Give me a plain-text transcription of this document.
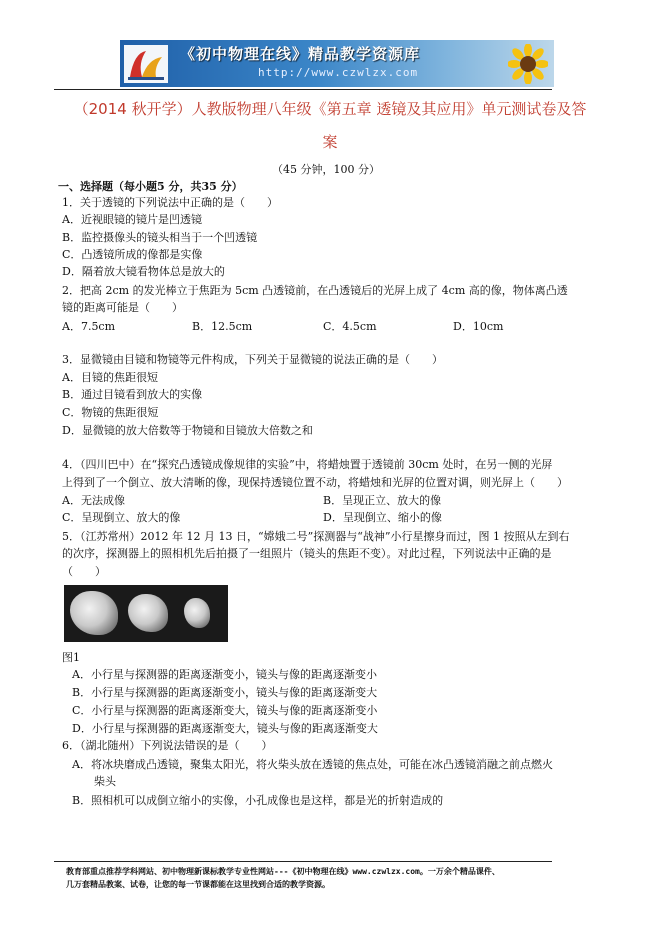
《初中物理在线》精品教学资源库
http://www.czwlzx.com
（2014 秋开学）人教版物理八年级《第五章 透镜及其应用》单元测试卷及答
案
（45 分钟，100 分）
一、选择题（每小题5 分，共35 分）
1．关于透镜的下列说法中正确的是（　　）
A．近视眼镜的镜片是凹透镜
B．监控摄像头的镜头相当于一个凹透镜
C．凸透镜所成的像都是实像
D．隔着放大镜看物体总是放大的
2．把高 2cm 的发光棒立于焦距为 5cm 凸透镜前，在凸透镜后的光屏上成了 4cm 高的像，物体离凸透
镜的距离可能是（　　）
A．7.5cm	B．12.5cm	C．4.5cm	D．10cm
3．显微镜由目镜和物镜等元件构成，下列关于显微镜的说法正确的是（　　）
A．目镜的焦距很短
B．通过目镜看到放大的实像
C．物镜的焦距很短
D．显微镜的放大倍数等于物镜和目镜放大倍数之和
4．（四川巴中）在“探究凸透镜成像规律的实验”中，将蜡烛置于透镜前 30cm 处时，在另一侧的光屏
上得到了一个倒立、放大清晰的像，现保持透镜位置不动，将蜡烛和光屏的位置对调，则光屏上（　　）
A．无法成像	B．呈现正立、放大的像
C．呈现倒立、放大的像	D．呈现倒立、缩小的像
5．（江苏常州）2012 年 12 月 13 日，“嫦娥二号”探测器与“战神”小行星擦身而过，图 1 按照从左到右
的次序，探测器上的照相机先后拍摄了一组照片（镜头的焦距不变）。对此过程，下列说法中正确的是
（　　）
图1
A．小行星与探测器的距离逐渐变小，镜头与像的距离逐渐变小
B．小行星与探测器的距离逐渐变小，镜头与像的距离逐渐变大
C．小行星与探测器的距离逐渐变大，镜头与像的距离逐渐变小
D．小行星与探测器的距离逐渐变大，镜头与像的距离逐渐变大
6．（湖北随州）下列说法错误的是（　　）
A．将冰块磨成凸透镜，聚集太阳光，将火柴头放在透镜的焦点处，可能在冰凸透镜消融之前点燃火
柴头
B．照相机可以成倒立缩小的实像，小孔成像也是这样，都是光的折射造成的
教育部重点推荐学科网站、初中物理新课标教学专业性网站---《初中物理在线》www.czwlzx.com。一万余个精品课件、
几万套精品教案、试卷，让您的每一节课都能在这里找到合适的教学资源。
